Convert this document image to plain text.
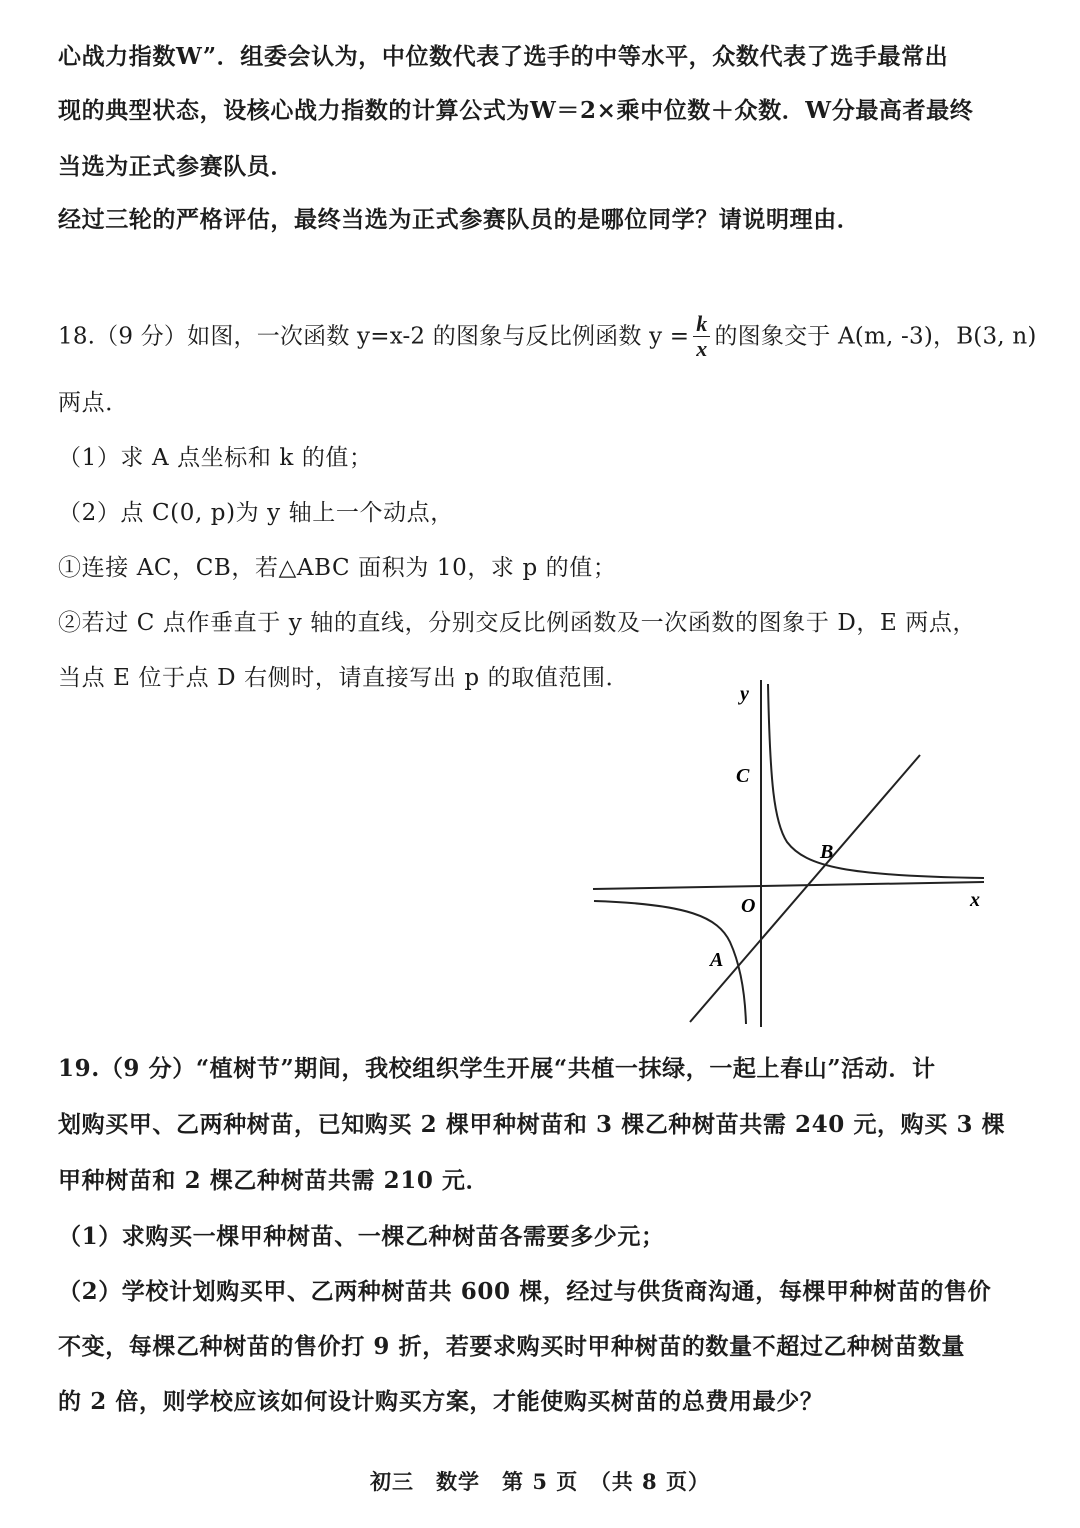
心战力指数W”．组委会认为，中位数代表了选手的中等水平，众数代表了选手最常出
现的典型状态，设核心战力指数的计算公式为W＝2×乘中位数＋众数．W分最高者最终
当选为正式参赛队员．
经过三轮的严格评估，最终当选为正式参赛队员的是哪位同学？请说明理由．
18.（9 分）如图，一次函数 y=x-2 的图象与反比例函数 $y = \frac{k}{x}$ 的图象交于 A(m, -3)，B(3, n)
两点．
（1）求 A 点坐标和 k 的值；
（2）点 C(0, p)为 y 轴上一个动点，
①连接 AC，CB，若△ABC 面积为 10，求 p 的值；
②若过 C 点作垂直于 y 轴的直线，分别交反比例函数及一次函数的图象于 D，E 两点，
当点 E 位于点 D 右侧时，请直接写出 p 的取值范围．
y
C
B
O	x
A
19.（9 分）“植树节”期间，我校组织学生开展“共植一抹绿，一起上春山”活动．计
划购买甲、乙两种树苗，已知购买 2 棵甲种树苗和 3 棵乙种树苗共需 240 元，购买 3 棵
甲种树苗和 2 棵乙种树苗共需 210 元．
（1）求购买一棵甲种树苗、一棵乙种树苗各需要多少元；
（2）学校计划购买甲、乙两种树苗共 600 棵，经过与供货商沟通，每棵甲种树苗的售价
不变，每棵乙种树苗的售价打 9 折，若要求购买时甲种树苗的数量不超过乙种树苗数量
的 2 倍，则学校应该如何设计购买方案，才能使购买树苗的总费用最少？
初三　数学　第 5 页　（共 8 页）
